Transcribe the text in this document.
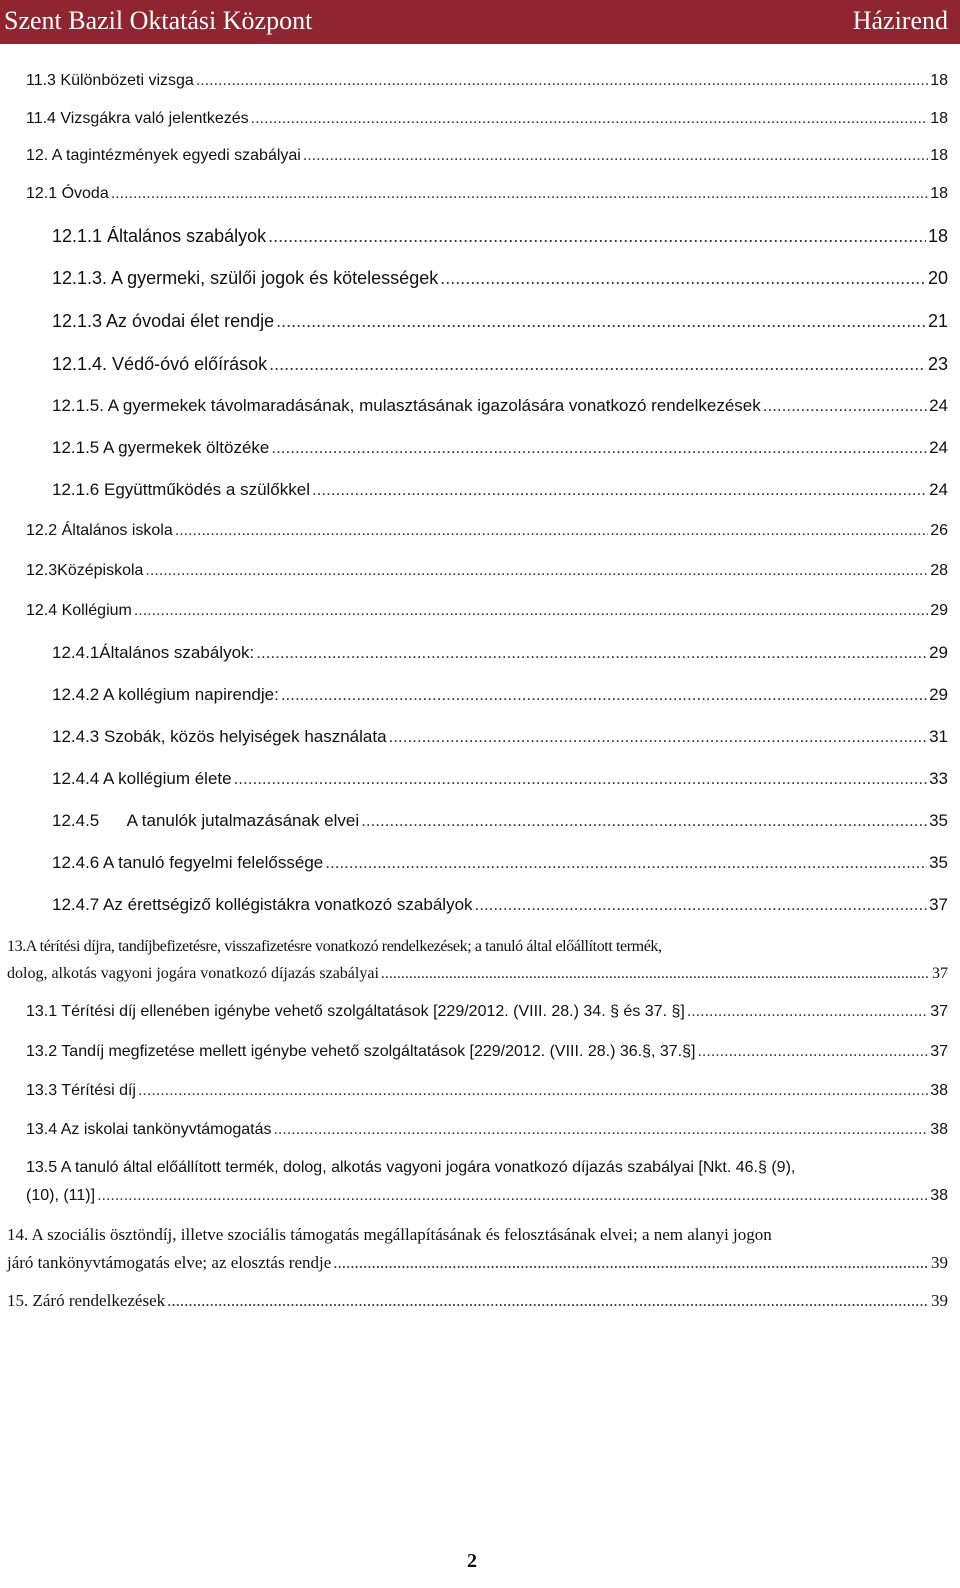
Szent Bazil Oktatási Központ	Házirend
11.3 Különbözeti vizsga .....	18
11.4 Vizsgákra való jelentkezés .....	18
12. A tagintézmények egyedi szabályai .....	18
12.1 Óvoda .....	18
12.1.1 Általános szabályok .....	18
12.1.3. A gyermeki, szülői jogok és kötelességek .....	20
12.1.3 Az óvodai élet rendje .....	21
12.1.4. Védő-óvó előírások .....	23
12.1.5. A gyermekek távolmaradásának, mulasztásának igazolására vonatkozó rendelkezések .....	24
12.1.5 A gyermekek öltözéke .....	24
12.1.6 Együttműködés a szülőkkel .....	24
12.2 Általános iskola .....	26
12.3Középiskola .....	28
12.4 Kollégium .....	29
12.4.1Általános szabályok: .....	29
12.4.2 A kollégium napirendje: .....	29
12.4.3 Szobák, közös helyiségek használata .....	31
12.4.4 A kollégium élete .....	33
12.4.5      A tanulók jutalmazásának elvei .....	35
12.4.6 A tanuló fegyelmi felelőssége .....	35
12.4.7 Az érettségiző kollégistákra vonatkozó szabályok .....	37
13.A térítési díjra, tandíjbefizetésre, visszafizetésre vonatkozó rendelkezések; a tanuló által előállított termék,
dolog, alkotás vagyoni jogára vonatkozó díjazás szabályai .....	37
13.1 Térítési díj ellenében igénybe vehető szolgáltatások [229/2012. (VIII. 28.) 34. § és 37. §] .....	37
13.2 Tandíj megfizetése mellett igénybe vehető szolgáltatások [229/2012. (VIII. 28.) 36.§, 37.§] .....	37
13.3 Térítési díj .....	38
13.4 Az iskolai tankönyvtámogatás .....	38
13.5 A tanuló által előállított termék, dolog, alkotás vagyoni jogára vonatkozó díjazás szabályai [Nkt. 46.§ (9),
(10), (11)] .....	38
14. A szociális ösztöndíj, illetve szociális támogatás megállapításának és felosztásának elvei; a nem alanyi jogon
járó tankönyvtámogatás elve; az elosztás rendje .....	39
15. Záró rendelkezések .....	39
2
